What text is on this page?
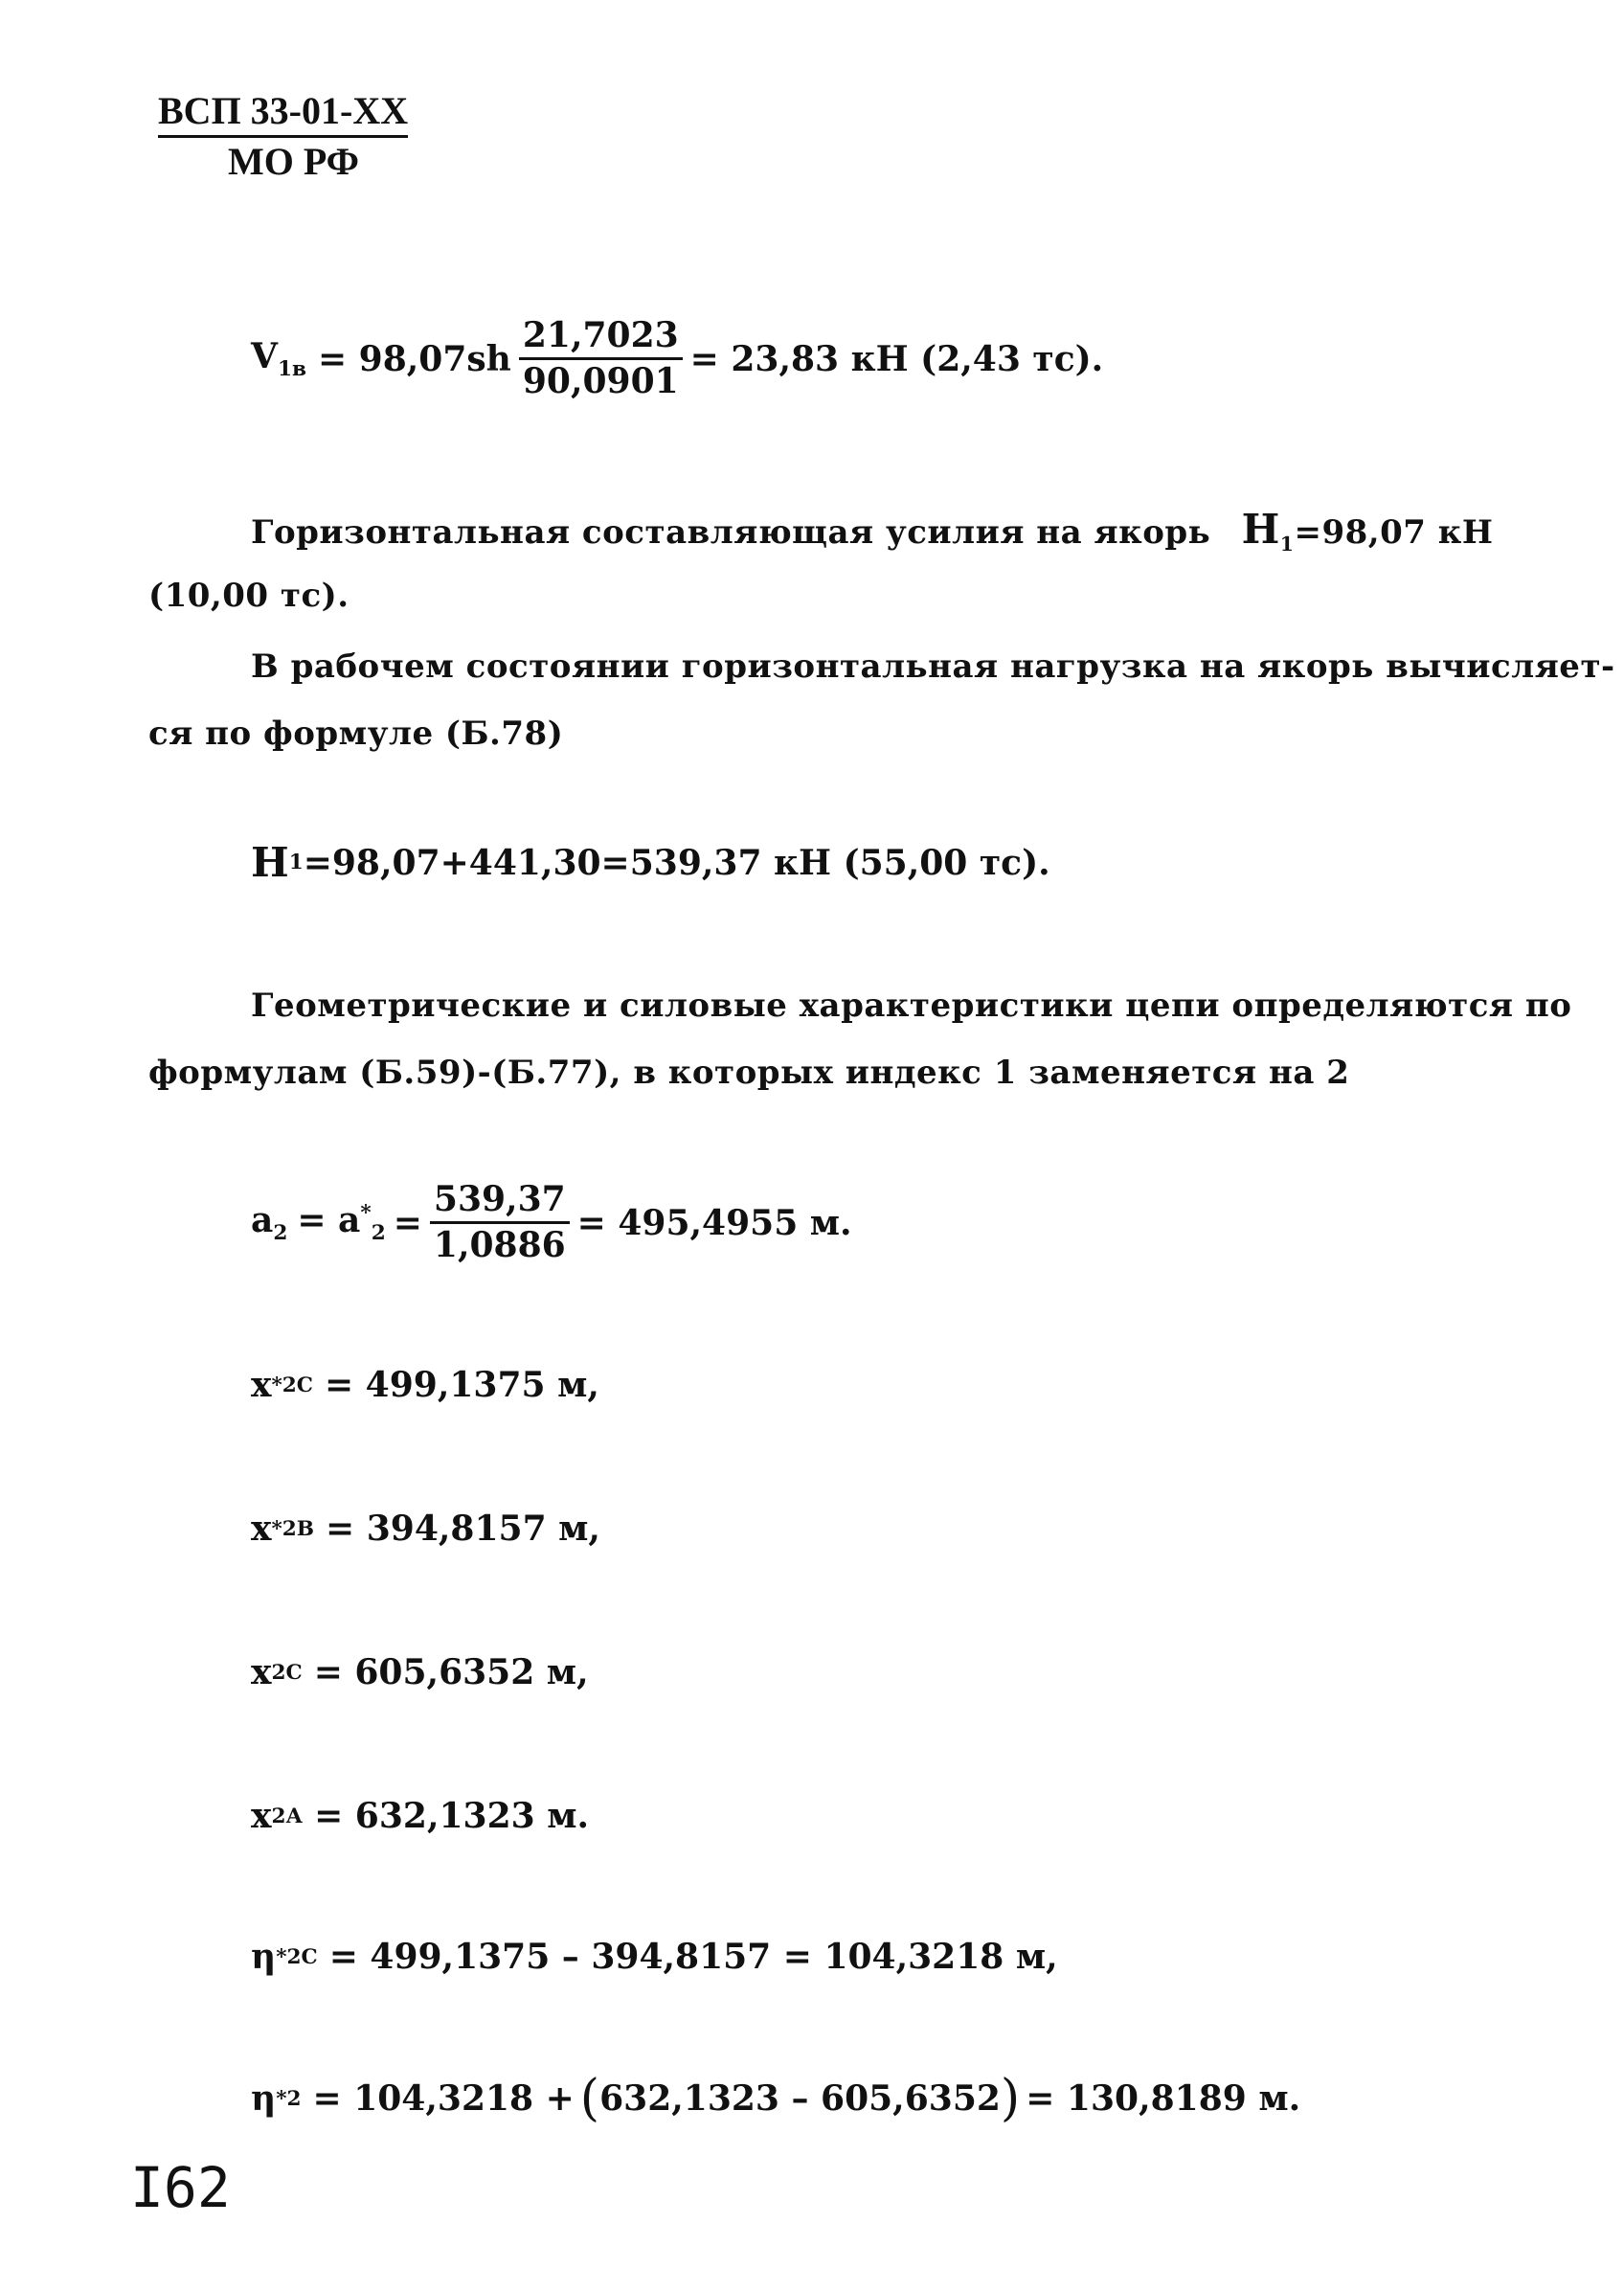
ВСП 33-01-ХХ
МО РФ
$V_{1в} = 98,07sh \frac{21,7023}{90,0901} = 23,83$ кН (2,43 тс).
Горизонтальная составляющая усилия на якорь $H_1=98,07$ кН
(10,00 тс).
В рабочем состоянии горизонтальная нагрузка на якорь вычисляет-
ся по формуле (Б.78)
H 1 =98,07+441,30=539,37 кН (55,00 тс).
Геометрические и силовые характеристики цепи определяются по
формулам (Б.59)-(Б.77), в которых индекс 1 заменяется на 2
$a_2 = a^*_2 = \frac{539,37}{1,0886} = 495,4955$ м.
x * 2С = 499,1375 м,
x * 2В = 394,8157 м,
x 2С = 605,6352 м,
x 2А = 632,1323 м.
η * 2С = 499,1375 – 394,8157 = 104,3218 м,
η * 2 = 104,3218 + ( 632,1323 – 605,6352 ) = 130,8189 м.
I62
